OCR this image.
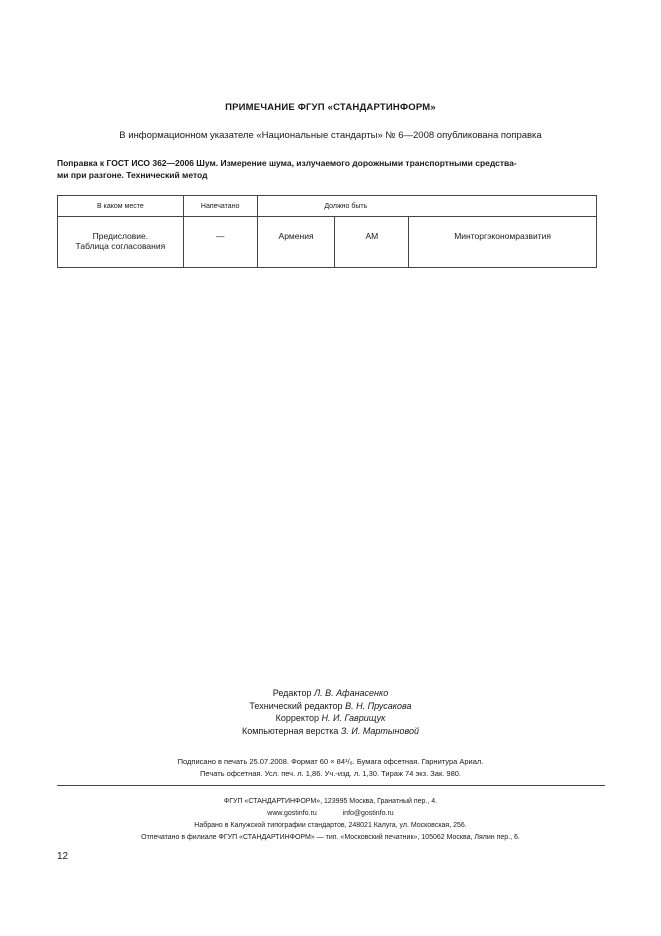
ПРИМЕЧАНИЕ ФГУП «СТАНДАРТИНФОРМ»
В информационном указателе «Национальные стандарты» № 6—2008 опубликована поправка
Поправка к ГОСТ ИСО 362—2006 Шум. Измерение шума, излучаемого дорожными транспортными средства-
ми при разгоне. Технический метод
В каком месте	Напечатано	Должно быть		

Предисловие.
Таблица согласования	—	Армения	AM	Минторгэкономразвития
Редактор Л. В. Афанасенко
Технический редактор В. Н. Прусакова
Корректор Н. И. Гаврищук
Компьютерная верстка З. И. Мартыновой
Подписано в печать 25.07.2008. Формат 60 × 84¹/₈. Бумага офсетная. Гарнитура Ариал.
Печать офсетная. Усл. печ. л. 1,86. Уч.-изд. л. 1,30. Тираж 74 экз. Зак. 980.
ФГУП «СТАНДАРТИНФОРМ», 123995 Москва, Гранатный пер., 4.
www.gostinfo.ru	info@gostinfo.ru
Набрано в Калужской типографии стандартов, 248021 Калуга, ул. Московская, 256.
Отпечатано в филиале ФГУП «СТАНДАРТИНФОРМ» — тип. «Московский печатник», 105062 Москва, Лялин пер., 6.
12
